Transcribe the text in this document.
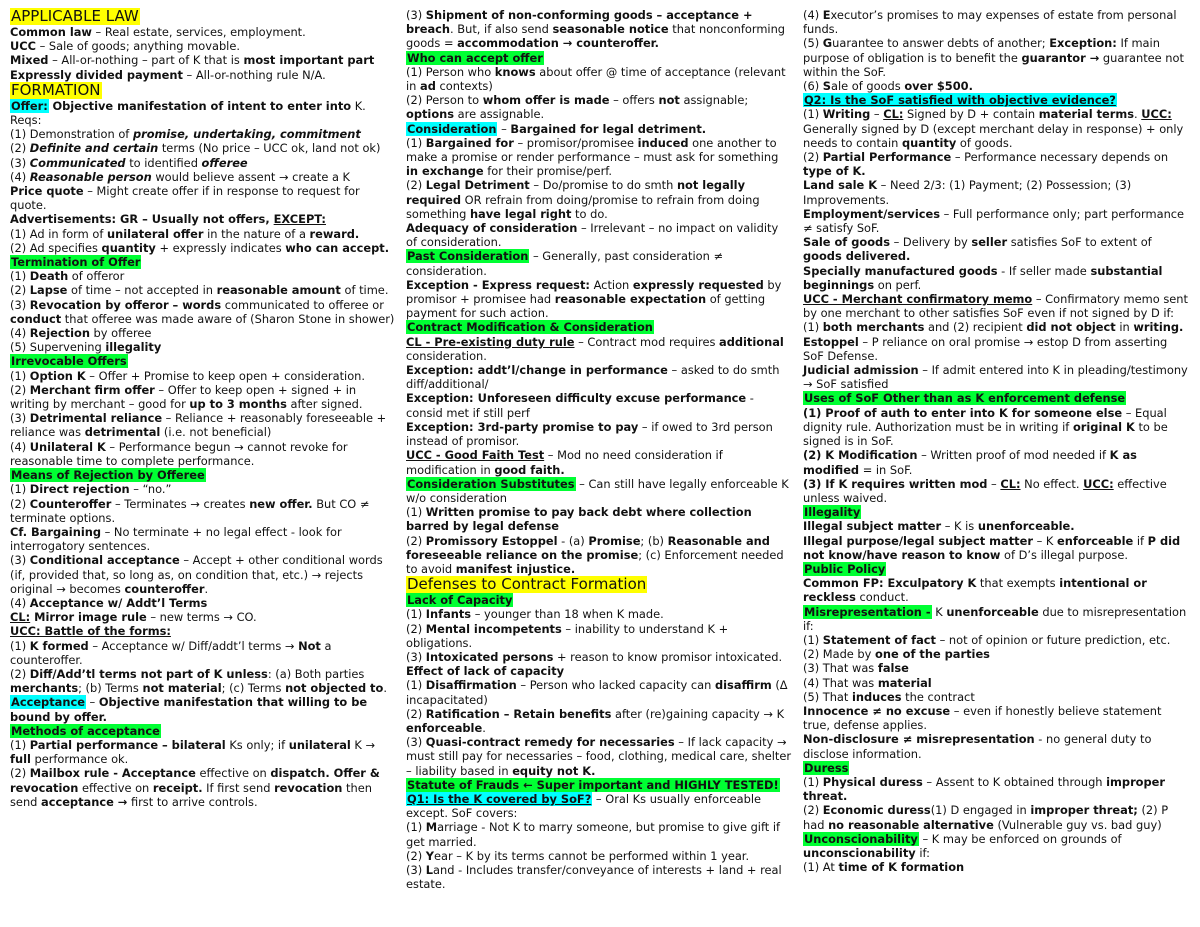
APPLICABLE LAW
Common law – Real estate, services, employment.
UCC – Sale of goods; anything movable.
Mixed – All-or-nothing – part of K that is most important part
Expressly divided payment – All-or-nothing rule N/A.
FORMATION
Offer: Objective manifestation of intent to enter into K. Reqs:
(1) Demonstration of promise, undertaking, commitment
(2) Definite and certain terms (No price – UCC ok, land not ok)
(3) Communicated to identified offeree
(4) Reasonable person would believe assent → create a K
Price quote – Might create offer if in response to request for quote.
Advertisements: GR – Usually not offers, EXCEPT:
(1) Ad in form of unilateral offer in the nature of a reward.
(2) Ad specifies quantity + expressly indicates who can accept.
Termination of Offer
(1) Death of offeror
(2) Lapse of time – not accepted in reasonable amount of time.
(3) Revocation by offeror – words communicated to offeree or conduct that offeree was made aware of (Sharon Stone in shower)
(4) Rejection by offeree
(5) Supervening illegality
Irrevocable Offers
(1) Option K – Offer + Promise to keep open + consideration.
(2) Merchant firm offer – Offer to keep open + signed + in writing by merchant – good for up to 3 months after signed.
(3) Detrimental reliance – Reliance + reasonably foreseeable + reliance was detrimental (i.e. not beneficial)
(4) Unilateral K – Performance begun → cannot revoke for reasonable time to complete performance.
Means of Rejection by Offeree
(1) Direct rejection – “no.”
(2) Counteroffer – Terminates → creates new offer. But CO ≠ terminate options.
Cf. Bargaining – No terminate + no legal effect - look for interrogatory sentences.
(3) Conditional acceptance – Accept + other conditional words (if, provided that, so long as, on condition that, etc.) → rejects original → becomes counteroffer.
(4) Acceptance w/ Addt’l Terms
CL: Mirror image rule – new terms → CO.
UCC: Battle of the forms:
(1) K formed – Acceptance w/ Diff/addt’l terms → Not a counteroffer.
(2) Diff/Add’tl terms not part of K unless: (a) Both parties merchants; (b) Terms not material; (c) Terms not objected to.
Acceptance – Objective manifestation that willing to be bound by offer.
Methods of acceptance
(1) Partial performance – bilateral Ks only; if unilateral K → full performance ok.
(2) Mailbox rule - Acceptance effective on dispatch. Offer & revocation effective on receipt. If first send revocation then send acceptance → first to arrive controls.
(3) Shipment of non-conforming goods – acceptance + breach. But, if also send seasonable notice that nonconforming goods = accommodation → counteroffer.
Who can accept offer
(1) Person who knows about offer @ time of acceptance (relevant in ad contexts)
(2) Person to whom offer is made – offers not assignable; options are assignable.
Consideration – Bargained for legal detriment.
(1) Bargained for – promisor/promisee induced one another to make a promise or render performance – must ask for something in exchange for their promise/perf.
(2) Legal Detriment – Do/promise to do smth not legally required OR refrain from doing/promise to refrain from doing something have legal right to do.
Adequacy of consideration – Irrelevant – no impact on validity of consideration.
Past Consideration – Generally, past consideration ≠ consideration.
Exception - Express request: Action expressly requested by promisor + promisee had reasonable expectation of getting payment for such action.
Contract Modification & Consideration
CL - Pre-existing duty rule – Contract mod requires additional consideration.
Exception: addt’l/change in performance – asked to do smth diff/additional/
Exception: Unforeseen difficulty excuse performance - consid met if still perf
Exception: 3rd-party promise to pay – if owed to 3rd person instead of promisor.
UCC - Good Faith Test – Mod no need consideration if modification in good faith.
Consideration Substitutes – Can still have legally enforceable K w/o consideration
(1) Written promise to pay back debt where collection barred by legal defense
(2) Promissory Estoppel - (a) Promise; (b) Reasonable and foreseeable reliance on the promise; (c) Enforcement needed to avoid manifest injustice.
Defenses to Contract Formation
Lack of Capacity
(1) Infants – younger than 18 when K made.
(2) Mental incompetents – inability to understand K + obligations.
(3) Intoxicated persons + reason to know promisor intoxicated.
Effect of lack of capacity
(1) Disaffirmation – Person who lacked capacity can disaffirm (Δ incapacitated)
(2) Ratification – Retain benefits after (re)gaining capacity → K enforceable.
(3) Quasi-contract remedy for necessaries – If lack capacity → must still pay for necessaries – food, clothing, medical care, shelter – liability based in equity not K.
Statute of Frauds ← Super important and HIGHLY TESTED!
Q1: Is the K covered by SoF? – Oral Ks usually enforceable except. SoF covers:
(1) Marriage - Not K to marry someone, but promise to give gift if get married.
(2) Year – K by its terms cannot be performed within 1 year.
(3) Land - Includes transfer/conveyance of interests + land + real estate.
(4) Executor’s promises to may expenses of estate from personal funds.
(5) Guarantee to answer debts of another; Exception: If main purpose of obligation is to benefit the guarantor → guarantee not within the SoF.
(6) Sale of goods over $500.
Q2: Is the SoF satisfied with objective evidence?
(1) Writing – CL: Signed by D + contain material terms. UCC: Generally signed by D (except merchant delay in response) + only needs to contain quantity of goods.
(2) Partial Performance – Performance necessary depends on type of K.
Land sale K – Need 2/3: (1) Payment; (2) Possession; (3) Improvements.
Employment/services – Full performance only; part performance ≠ satisfy SoF.
Sale of goods – Delivery by seller satisfies SoF to extent of goods delivered.
Specially manufactured goods - If seller made substantial beginnings on perf.
UCC - Merchant confirmatory memo – Confirmatory memo sent by one merchant to other satisfies SoF even if not signed by D if: (1) both merchants and (2) recipient did not object in writing.
Estoppel – P reliance on oral promise → estop D from asserting SoF Defense.
Judicial admission – If admit entered into K in pleading/testimony → SoF satisfied
Uses of SoF Other than as K enforcement defense
(1) Proof of auth to enter into K for someone else – Equal dignity rule. Authorization must be in writing if original K to be signed is in SoF.
(2) K Modification – Written proof of mod needed if K as modified = in SoF.
(3) If K requires written mod – CL: No effect. UCC: effective unless waived.
Illegality
Illegal subject matter – K is unenforceable.
Illegal purpose/legal subject matter – K enforceable if P did not know/have reason to know of D’s illegal purpose.
Public Policy
Common FP: Exculpatory K that exempts intentional or reckless conduct.
Misrepresentation - K unenforceable due to misrepresentation if:
(1) Statement of fact – not of opinion or future prediction, etc.
(2) Made by one of the parties
(3) That was false
(4) That was material
(5) That induces the contract
Innocence ≠ no excuse – even if honestly believe statement true, defense applies.
Non-disclosure ≠ misrepresentation - no general duty to disclose information.
Duress
(1) Physical duress – Assent to K obtained through improper threat.
(2) Economic duress(1) D engaged in improper threat; (2) P had no reasonable alternative (Vulnerable guy vs. bad guy)
Unconscionability – K may be enforced on grounds of unconscionability if:
(1) At time of K formation
